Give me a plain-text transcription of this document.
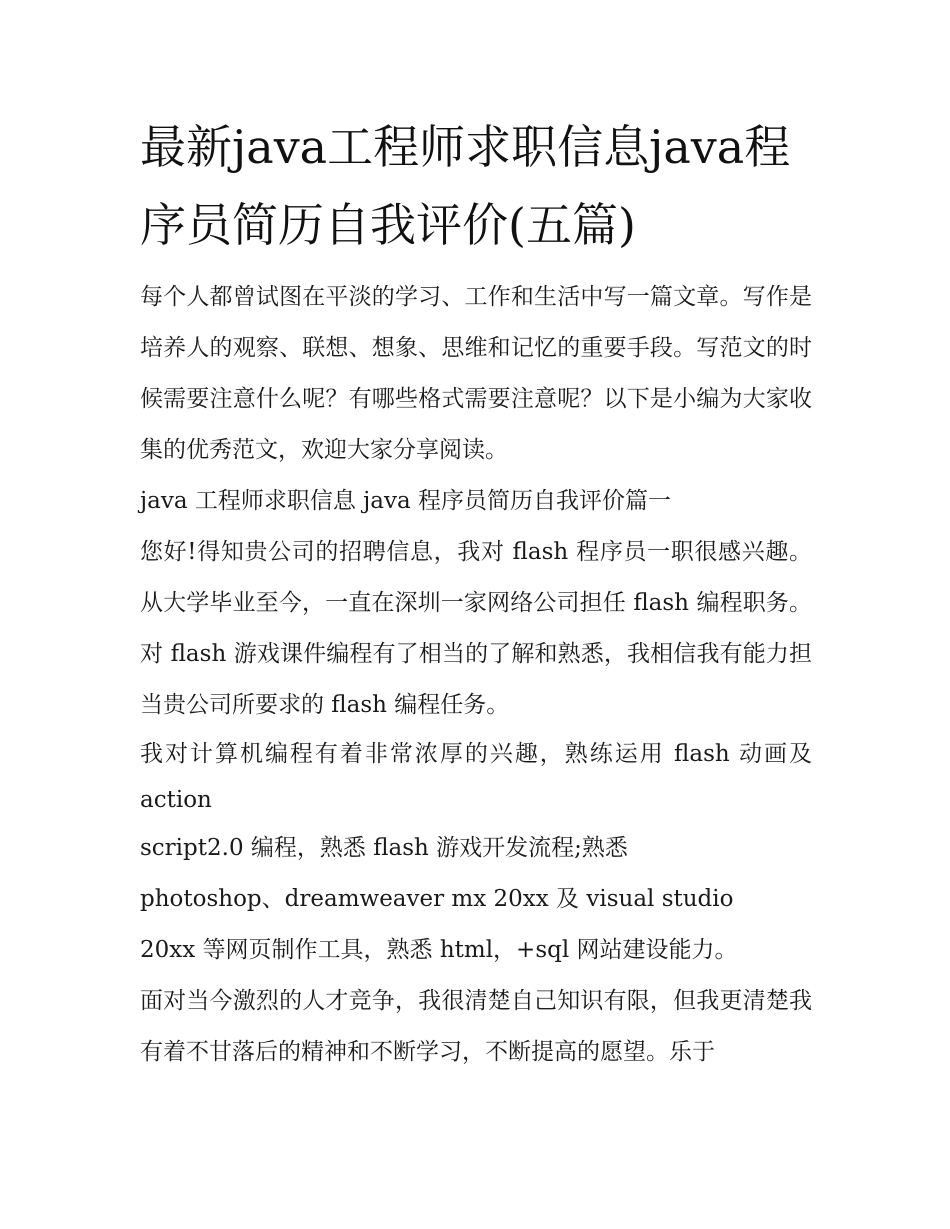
最新java工程师求职信息java程序员简历自我评价(五篇)

每个人都曾试图在平淡的学习、工作和生活中写一篇文章。写作是培养人的观察、联想、想象、思维和记忆的重要手段。写范文的时候需要注意什么呢？有哪些格式需要注意呢？以下是小编为大家收集的优秀范文，欢迎大家分享阅读。

java 工程师求职信息 java 程序员简历自我评价篇一

您好!得知贵公司的招聘信息，我对 flash 程序员一职很感兴趣。从大学毕业至今，一直在深圳一家网络公司担任 flash 编程职务。对 flash 游戏课件编程有了相当的了解和熟悉，我相信我有能力担当贵公司所要求的 flash 编程任务。

我对计算机编程有着非常浓厚的兴趣，熟练运用 flash 动画及 action

script2.0 编程，熟悉 flash 游戏开发流程;熟悉

photoshop、dreamweaver mx 20xx 及 visual studio

20xx 等网页制作工具，熟悉 html，+sql 网站建设能力。

面对当今激烈的人才竞争，我很清楚自己知识有限，但我更清楚我有着不甘落后的精神和不断学习，不断提高的愿望。乐于
